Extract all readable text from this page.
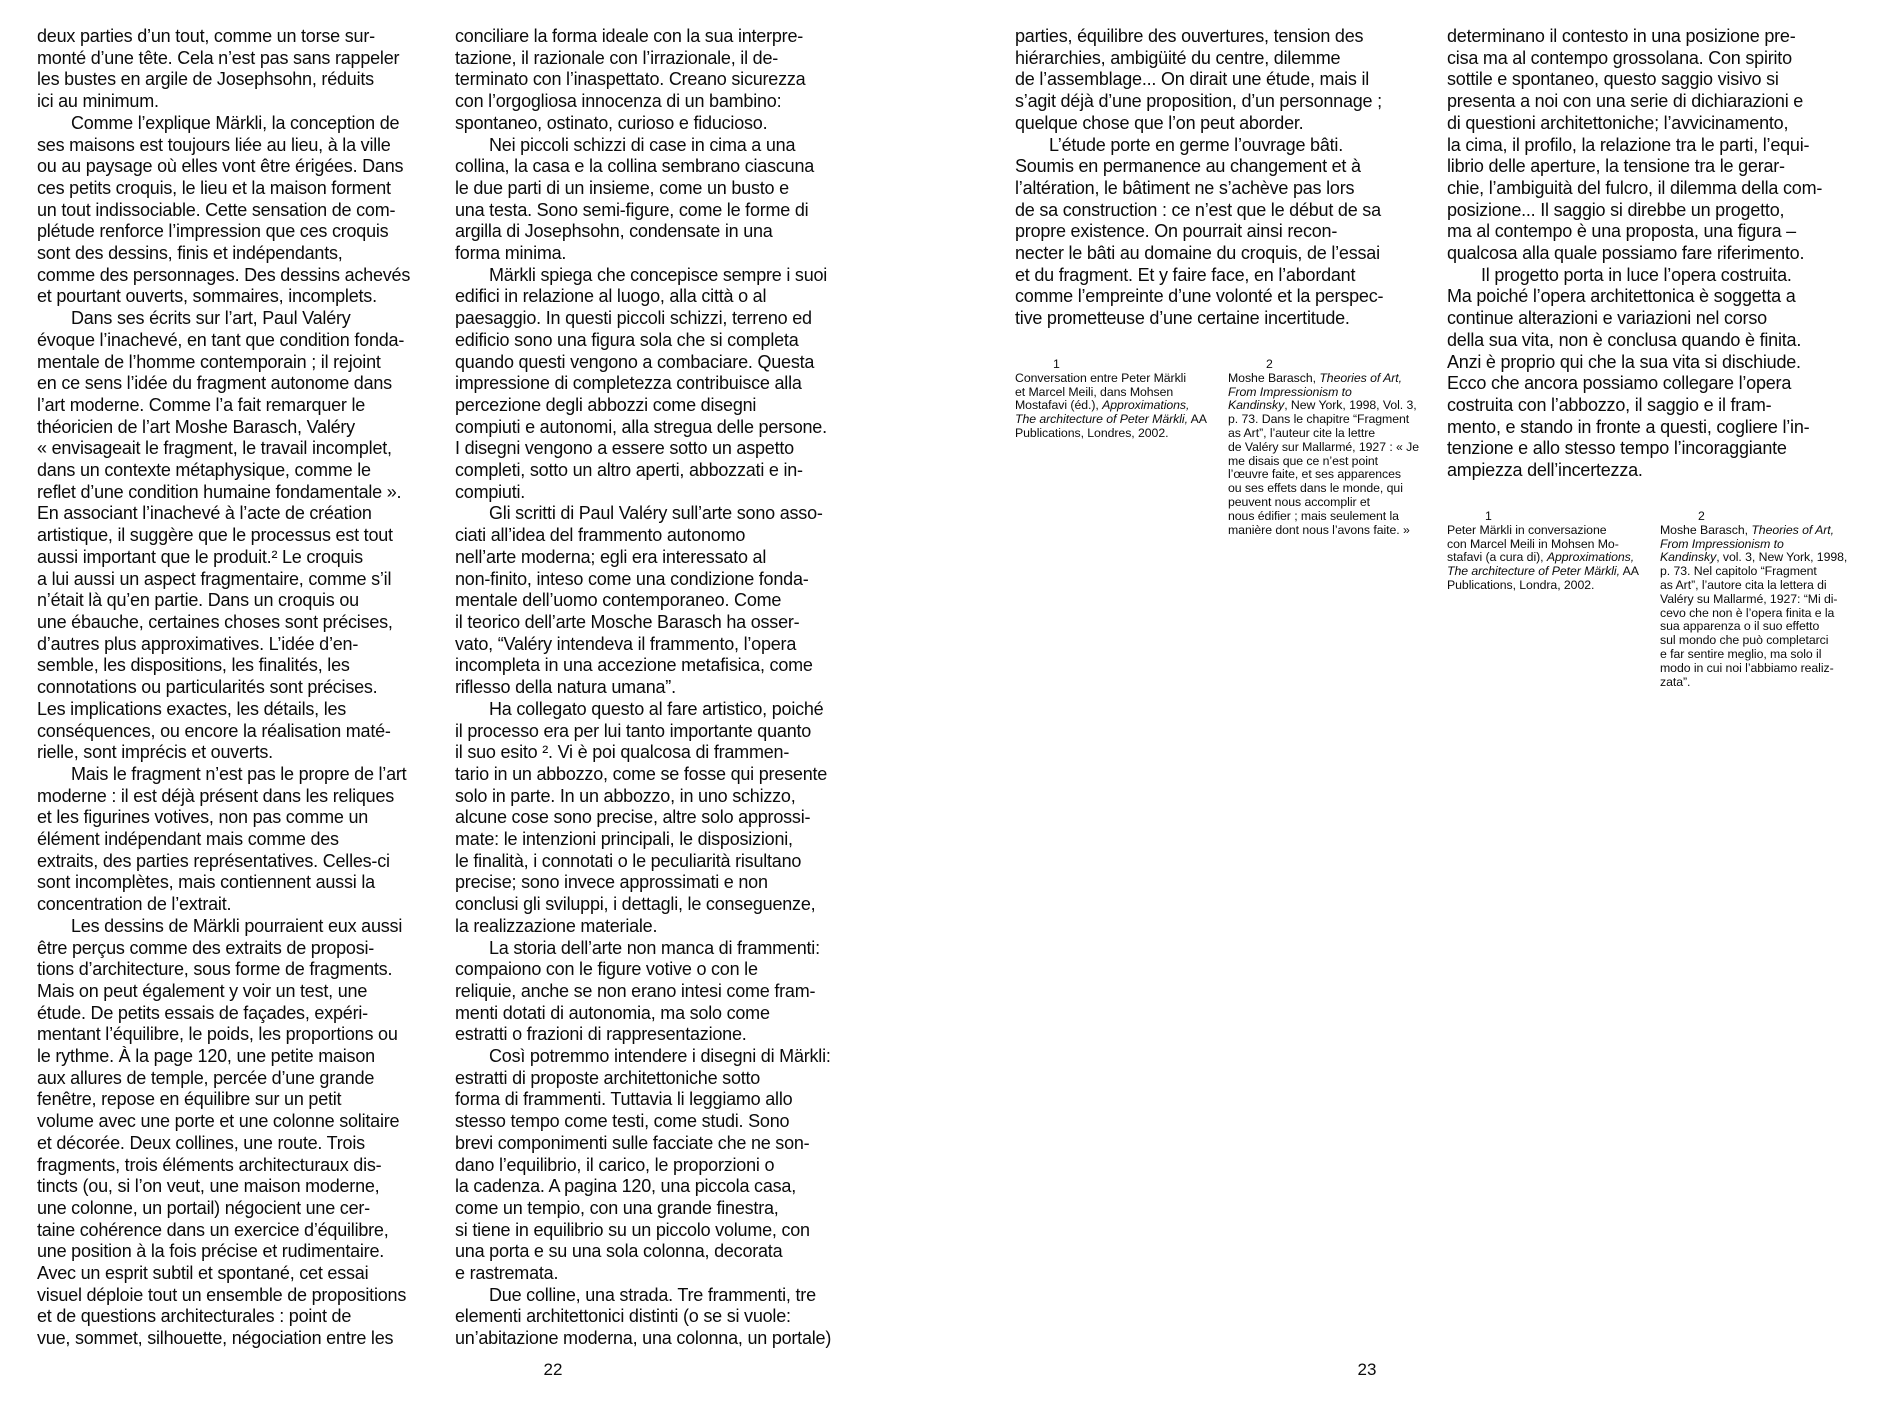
deux parties d’un tout, comme un torse sur-
monté d’une tête. Cela n’est pas sans rappeler
les bustes en argile de Josephsohn, réduits
ici au minimum.
Comme l’explique Märkli, la conception de
ses maisons est toujours liée au lieu, à la ville
ou au paysage où elles vont être érigées. Dans
ces petits croquis, le lieu et la maison forment
un tout indissociable. Cette sensation de com-
plétude renforce l’impression que ces croquis
sont des dessins, finis et indépendants,
comme des personnages. Des dessins achevés
et pourtant ouverts, sommaires, incomplets.
Dans ses écrits sur l’art, Paul Valéry
évoque l’inachevé, en tant que condition fonda-
mentale de l’homme contemporain ; il rejoint
en ce sens l’idée du fragment autonome dans
l’art moderne. Comme l’a fait remarquer le
théoricien de l’art Moshe Barasch, Valéry
« envisageait le fragment, le travail incomplet,
dans un contexte métaphysique, comme le
reflet d’une condition humaine fondamentale ».
En associant l’inachevé à l’acte de création
artistique, il suggère que le processus est tout
aussi important que le produit.² Le croquis
a lui aussi un aspect fragmentaire, comme s’il
n’était là qu’en partie. Dans un croquis ou
une ébauche, certaines choses sont précises,
d’autres plus approximatives. L’idée d’en-
semble, les dispositions, les finalités, les
connotations ou particularités sont précises.
Les implications exactes, les détails, les
conséquences, ou encore la réalisation maté-
rielle, sont imprécis et ouverts.
Mais le fragment n’est pas le propre de l’art
moderne : il est déjà présent dans les reliques
et les figurines votives, non pas comme un
élément indépendant mais comme des
extraits, des parties représentatives. Celles-ci
sont incomplètes, mais contiennent aussi la
concentration de l’extrait.
Les dessins de Märkli pourraient eux aussi
être perçus comme des extraits de proposi-
tions d’architecture, sous forme de fragments.
Mais on peut également y voir un test, une
étude. De petits essais de façades, expéri-
mentant l’équilibre, le poids, les proportions ou
le rythme. À la page 120, une petite maison
aux allures de temple, percée d’une grande
fenêtre, repose en équilibre sur un petit
volume avec une porte et une colonne solitaire
et décorée. Deux collines, une route. Trois
fragments, trois éléments architecturaux dis-
tincts (ou, si l’on veut, une maison moderne,
une colonne, un portail) négocient une cer-
taine cohérence dans un exercice d’équilibre,
une position à la fois précise et rudimentaire.
Avec un esprit subtil et spontané, cet essai
visuel déploie tout un ensemble de propositions
et de questions architecturales : point de
vue, sommet, silhouette, négociation entre les
conciliare la forma ideale con la sua interpre-
tazione, il razionale con l’irrazionale, il de-
terminato con l’inaspettato. Creano sicurezza
con l’orgogliosa innocenza di un bambino:
spontaneo, ostinato, curioso e fiducioso.
Nei piccoli schizzi di case in cima a una
collina, la casa e la collina sembrano ciascuna
le due parti di un insieme, come un busto e
una testa. Sono semi-figure, come le forme di
argilla di Josephsohn, condensate in una
forma minima.
Märkli spiega che concepisce sempre i suoi
edifici in relazione al luogo, alla città o al
paesaggio. In questi piccoli schizzi, terreno ed
edificio sono una figura sola che si completa
quando questi vengono a combaciare. Questa
impressione di completezza contribuisce alla
percezione degli abbozzi come disegni
compiuti e autonomi, alla stregua delle persone.
I disegni vengono a essere sotto un aspetto
completi, sotto un altro aperti, abbozzati e in-
compiuti.
Gli scritti di Paul Valéry sull’arte sono asso-
ciati all’idea del frammento autonomo
nell’arte moderna; egli era interessato al
non-finito, inteso come una condizione fonda-
mentale dell’uomo contemporaneo. Come
il teorico dell’arte Mosche Barasch ha osser-
vato, “Valéry intendeva il frammento, l’opera
incompleta in una accezione metafisica, come
riflesso della natura umana”.
Ha collegato questo al fare artistico, poiché
il processo era per lui tanto importante quanto
il suo esito ². Vi è poi qualcosa di frammen-
tario in un abbozzo, come se fosse qui presente
solo in parte. In un abbozzo, in uno schizzo,
alcune cose sono precise, altre solo approssi-
mate: le intenzioni principali, le disposizioni,
le finalità, i connotati o le peculiarità risultano
precise; sono invece approssimati e non
conclusi gli sviluppi, i dettagli, le conseguenze,
la realizzazione materiale.
La storia dell’arte non manca di frammenti:
compaiono con le figure votive o con le
reliquie, anche se non erano intesi come fram-
menti dotati di autonomia, ma solo come
estratti o frazioni di rappresentazione.
Così potremmo intendere i disegni di Märkli:
estratti di proposte architettoniche sotto
forma di frammenti. Tuttavia li leggiamo allo
stesso tempo come testi, come studi. Sono
brevi componimenti sulle facciate che ne son-
dano l’equilibrio, il carico, le proporzioni o
la cadenza. A pagina 120, una piccola casa,
come un tempio, con una grande finestra,
si tiene in equilibrio su un piccolo volume, con
una porta e su una sola colonna, decorata
e rastremata.
Due colline, una strada. Tre frammenti, tre
elementi architettonici distinti (o se si vuole:
un’abitazione moderna, una colonna, un portale)
parties, équilibre des ouvertures, tension des
hiérarchies, ambigüité du centre, dilemme
de l’assemblage... On dirait une étude, mais il
s’agit déjà d’une proposition, d’un personnage ;
quelque chose que l’on peut aborder.
L’étude porte en germe l’ouvrage bâti.
Soumis en permanence au changement et à
l’altération, le bâtiment ne s’achève pas lors
de sa construction : ce n’est que le début de sa
propre existence. On pourrait ainsi recon-
necter le bâti au domaine du croquis, de l’essai
et du fragment. Et y faire face, en l’abordant
comme l’empreinte d’une volonté et la perspec-
tive prometteuse d’une certaine incertitude.
determinano il contesto in una posizione pre-
cisa ma al contempo grossolana. Con spirito
sottile e spontaneo, questo saggio visivo si
presenta a noi con una serie di dichiarazioni e
di questioni architettoniche; l’avvicinamento,
la cima, il profilo, la relazione tra le parti, l’equi-
librio delle aperture, la tensione tra le gerar-
chie, l’ambiguità del fulcro, il dilemma della com-
posizione... Il saggio si direbbe un progetto,
ma al contempo è una proposta, una figura –
qualcosa alla quale possiamo fare riferimento.
Il progetto porta in luce l’opera costruita.
Ma poiché l’opera architettonica è soggetta a
continue alterazioni e variazioni nel corso
della sua vita, non è conclusa quando è finita.
Anzi è proprio qui che la sua vita si dischiude.
Ecco che ancora possiamo collegare l’opera
costruita con l’abbozzo, il saggio e il fram-
mento, e stando in fronte a questi, cogliere l’in-
tenzione e allo stesso tempo l’incoraggiante
ampiezza dell’incertezza.
1
Conversation entre Peter Märkli
et Marcel Meili, dans Mohsen
Mostafavi (éd.), Approximations,
The architecture of Peter Märkli, AA
Publications, Londres, 2002.
2
Moshe Barasch, Theories of Art,
From Impressionism to
Kandinsky, New York, 1998, Vol. 3,
p. 73. Dans le chapitre “Fragment
as Art”, l’auteur cite la lettre
de Valéry sur Mallarmé, 1927 : « Je
me disais que ce n’est point
l’œuvre faite, et ses apparences
ou ses effets dans le monde, qui
peuvent nous accomplir et
nous édifier ; mais seulement la
manière dont nous l’avons faite. »
1
Peter Märkli in conversazione
con Marcel Meili in Mohsen Mo-
stafavi (a cura di), Approximations,
The architecture of Peter Märkli, AA
Publications, Londra, 2002.
2
Moshe Barasch, Theories of Art,
From Impressionism to
Kandinsky, vol. 3, New York, 1998,
p. 73. Nel capitolo “Fragment
as Art”, l’autore cita la lettera di
Valéry su Mallarmé, 1927: “Mi di-
cevo che non è l’opera finita e la
sua apparenza o il suo effetto
sul mondo che può completarci
e far sentire meglio, ma solo il
modo in cui noi l’abbiamo realiz-
zata”.
22	23
